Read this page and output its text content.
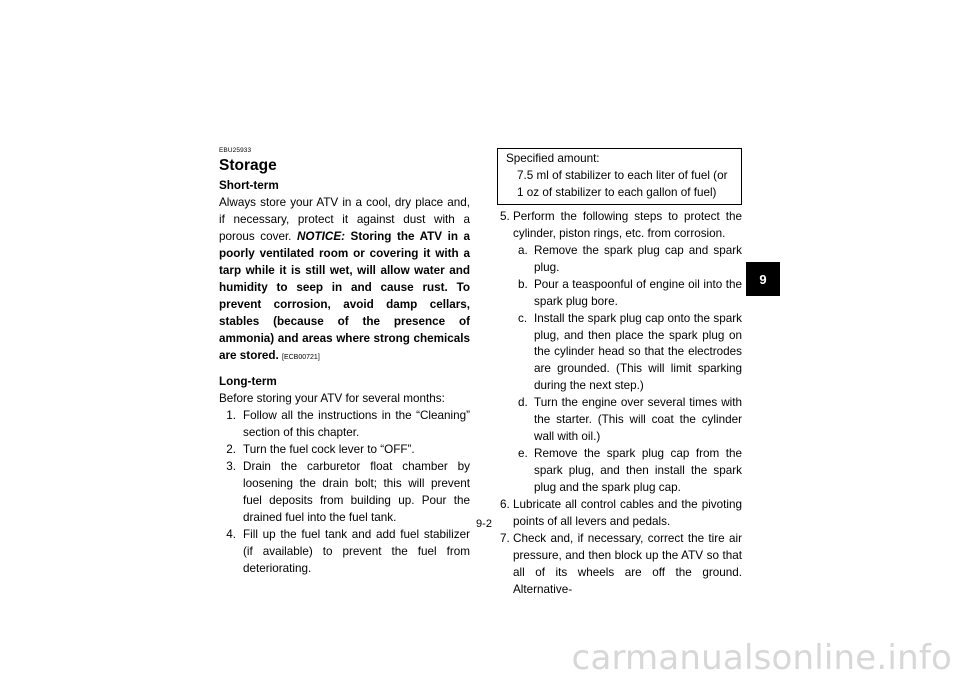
EBU25933
Storage
Short-term
Always store your ATV in a cool, dry place and, if necessary, protect it against dust with a porous cover. NOTICE: Storing the ATV in a poorly ventilated room or covering it with a tarp while it is still wet, will allow water and humidity to seep in and cause rust. To prevent corrosion, avoid damp cellars, stables (because of the presence of ammonia) and areas where strong chemicals are stored. [ECB00721]
Long-term
Before storing your ATV for several months:
1. Follow all the instructions in the “Cleaning” section of this chapter.
2. Turn the fuel cock lever to “OFF”.
3. Drain the carburetor float chamber by loosening the drain bolt; this will prevent fuel deposits from building up. Pour the drained fuel into the fuel tank.
4. Fill up the fuel tank and add fuel stabilizer (if available) to prevent the fuel from deteriorating.
Specified amount:
7.5 ml of stabilizer to each liter of fuel (or 1 oz of stabilizer to each gallon of fuel)
5. Perform the following steps to protect the cylinder, piston rings, etc. from corrosion.
a. Remove the spark plug cap and spark plug.
b. Pour a teaspoonful of engine oil into the spark plug bore.
c. Install the spark plug cap onto the spark plug, and then place the spark plug on the cylinder head so that the electrodes are grounded. (This will limit sparking during the next step.)
d. Turn the engine over several times with the starter. (This will coat the cylinder wall with oil.)
e. Remove the spark plug cap from the spark plug, and then install the spark plug and the spark plug cap.
6. Lubricate all control cables and the pivoting points of all levers and pedals.
7. Check and, if necessary, correct the tire air pressure, and then block up the ATV so that all of its wheels are off the ground. Alternative-
9
9-2
carmanualsonline.info
